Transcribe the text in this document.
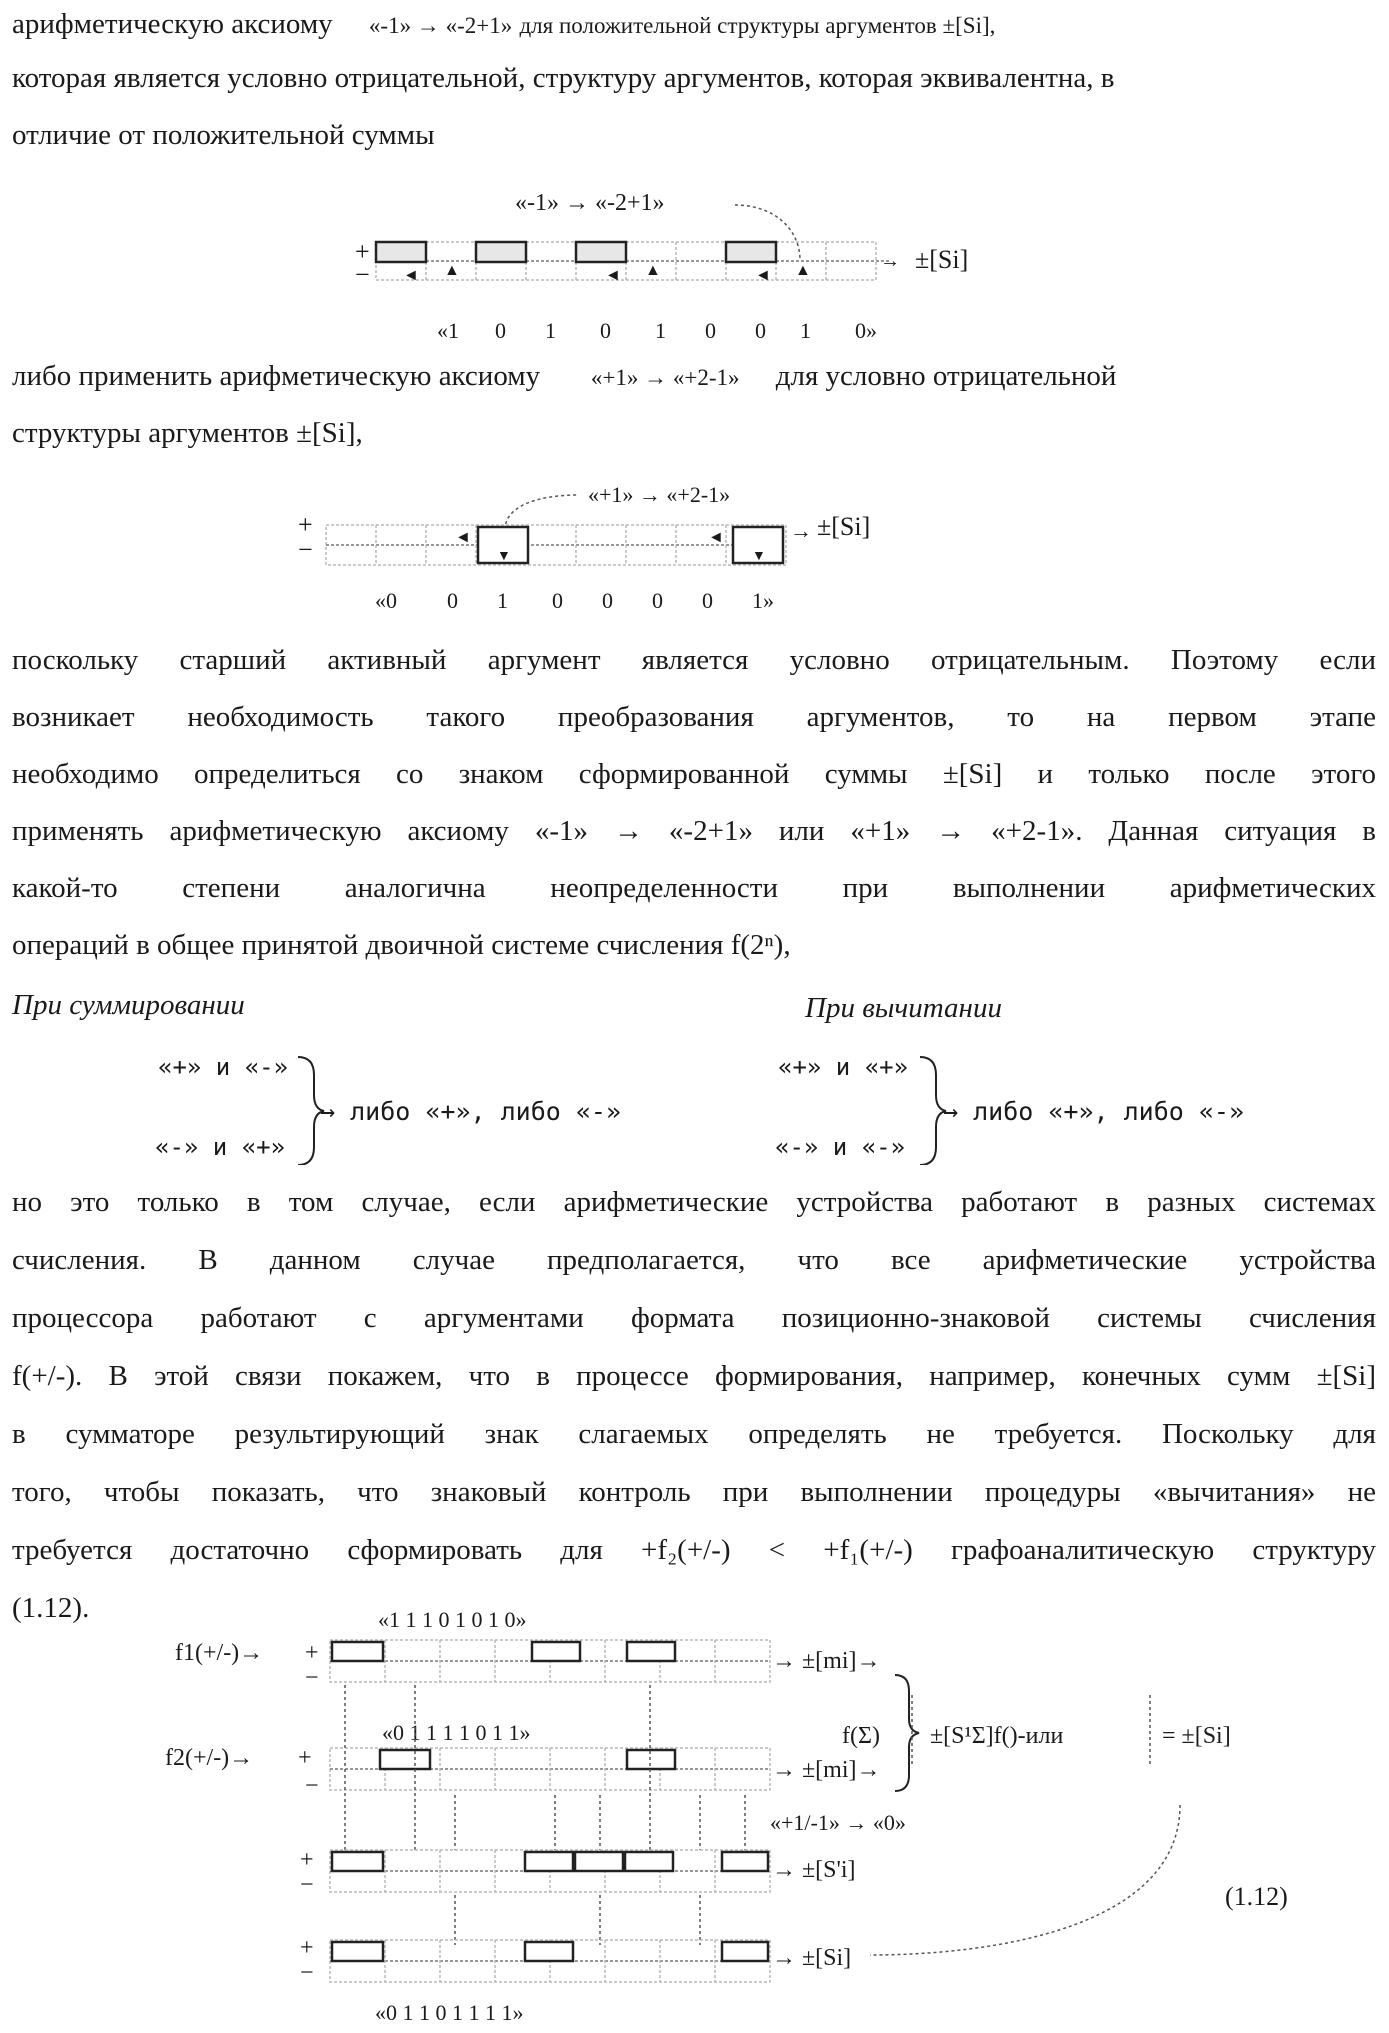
арифметическую аксиому «-1» → «-2+1» для положительной структуры аргументов ±[Si],
которая является условно отрицательной, структуру аргументов, которая эквивалентна, в
отличие от положительной суммы
«-1» → «-2+1»
+
−	▲	▲	▲
◄	◄	◄
→ ±[Si]
«1 0 1 0 1 0 0 1 0»
либо применить арифметическую аксиому «+1» → «+2-1» для условно отрицательной
структуры аргументов ±[Si],
«+1» → «+2-1»
+
−	◄	◄
▼	▼
→ ±[Si]
«0 0 1 0 0 0 0 1»
поскольку старший активный аргумент является условно отрицательным. Поэтому если
возникает необходимость такого преобразования аргументов, то на первом этапе
необходимо определиться со знаком сформированной суммы ±[Si] и только после этого
применять арифметическую аксиому «-1» → «-2+1» или «+1» → «+2-1». Данная ситуация в
какой-то степени аналогична неопределенности при выполнении арифметических
операций в общее принятой двоичной системе счисления f(2ⁿ),
При суммировании	При вычитании
«+» и «-»
«-» и «+»
→ либо «+», либо «-»
«+» и «+»
«-» и «-»
→ либо «+», либо «-»
но это только в том случае, если арифметические устройства работают в разных системах
счисления. В данном случае предполагается, что все арифметические устройства
процессора работают с аргументами формата позиционно-знаковой системы счисления
f(+/-). В этой связи покажем, что в процессе формирования, например, конечных сумм ±[Si]
в сумматоре результирующий знак слагаемых определять не требуется. Поскольку для
того, чтобы показать, что знаковый контроль при выполнении процедуры «вычитания» не
требуется достаточно сформировать для +f₂(+/-) < +f₁(+/-) графоаналитическую структуру
(1.12).	«1 1 1 0 1 0 1 0»
f1(+/-)→ +
−
→ ±[mi]→
«0 1 1 1 1 0 1 1»
f2(+/-)→ +
−
→ ±[mi]→
f(Σ) ±[S¹Σ]f()-или	= ±[Si]
«+1/-1» → «0»
+
−
→ ±[S'i]
(1.12)
+
−
→ ±[Si]
«0 1 1 0 1 1 1 1»
